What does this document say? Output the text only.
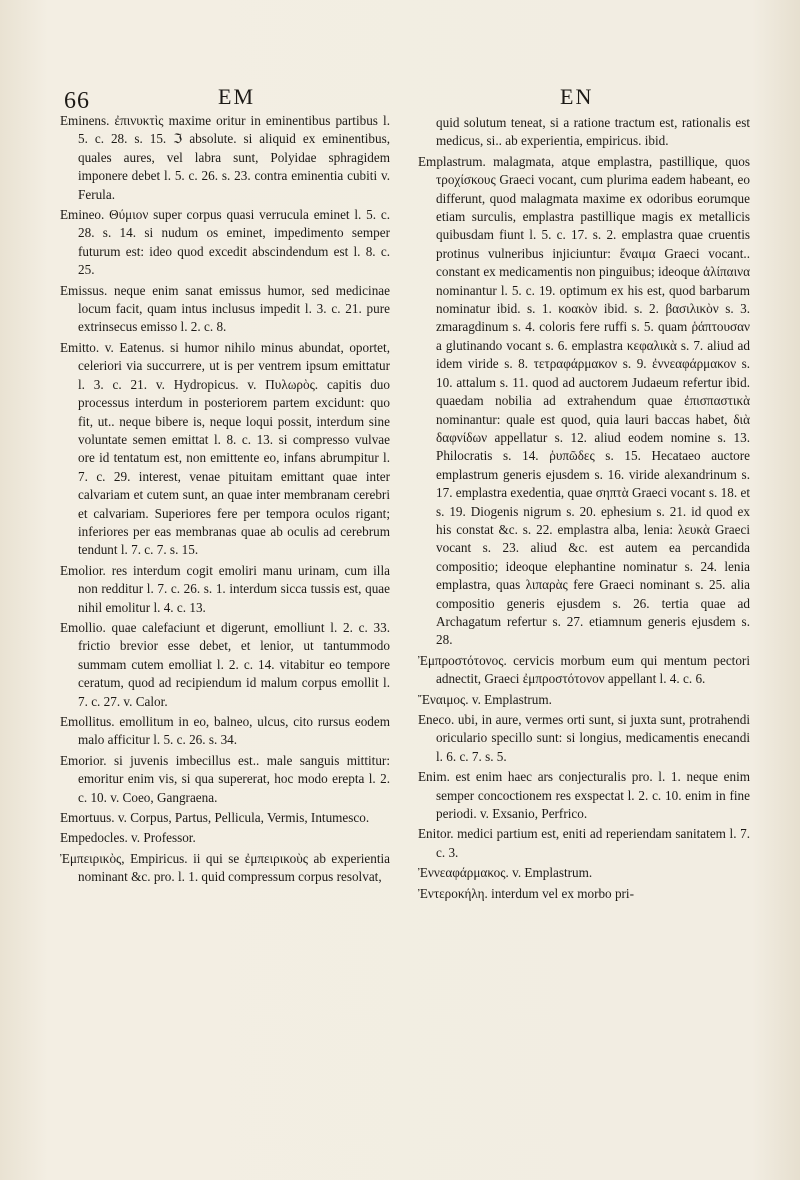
66	EM	EN

Eminens. ἐπινυκτὶς maxime oritur in eminentibus partibus l. 5. c. 28. s. 15. ℑ absolute. si aliquid ex eminentibus, quales aures, vel labra sunt, Polyidae sphragidem imponere debet l. 5. c. 26. s. 23. contra eminentia cubiti v. Ferula.

Emineo. Θύμιον super corpus quasi verrucula eminet l. 5. c. 28. s. 14. si nudum os eminet, impedimento semper futurum est: ideo quod excedit abscindendum est l. 8. c. 25.

Emissus. neque enim sanat emissus humor, sed medicinae locum facit, quam intus inclusus impedit l. 3. c. 21. pure extrinsecus emisso l. 2. c. 8.

Emitto. v. Eatenus. si humor nihilo minus abundat, oportet, celeriori via succurrere, ut is per ventrem ipsum emittatur l. 3. c. 21. v. Hydropicus. v. Πυλωρὸς. capitis duo processus interdum in posteriorem partem excidunt: quo fit, ut.. neque bibere is, neque loqui possit, interdum sine voluntate semen emittat l. 8. c. 13. si compresso vulvae ore id tentatum est, non emittente eo, infans abrumpitur l. 7. c. 29. interest, venae pituitam emittant quae inter calvariam et cutem sunt, an quae inter membranam cerebri et calvariam. Superiores fere per tempora oculos rigant; inferiores per eas membranas quae ab oculis ad cerebrum tendunt l. 7. c. 7. s. 15.

Emolior. res interdum cogit emoliri manu urinam, cum illa non redditur l. 7. c. 26. s. 1. interdum sicca tussis est, quae nihil emolitur l. 4. c. 13.

Emollio. quae calefaciunt et digerunt, emolliunt l. 2. c. 33. frictio brevior esse debet, et lenior, ut tantummodo summam cutem emolliat l. 2. c. 14. vitabitur eo tempore ceratum, quod ad recipiendum id malum corpus emollit l. 7. c. 27. v. Calor.

Emollitus. emollitum in eo, balneo, ulcus, cito rursus eodem malo afficitur l. 5. c. 26. s. 34.

Emorior. si juvenis imbecillus est.. male sanguis mittitur: emoritur enim vis, si qua supererat, hoc modo erepta l. 2. c. 10. v. Coeo, Gangraena.

Emortuus. v. Corpus, Partus, Pellicula, Vermis, Intumesco.

Empedocles. v. Professor.

Ἐμπειρικὸς, Empiricus. ii qui se ἐμπειρικοὺς ab experientia nominant &c. pro. l. 1. quid compressum corpus resolvat,

quid solutum teneat, si a ratione tractum est, rationalis est medicus, si.. ab experientia, empiricus. ibid.

Emplastrum. malagmata, atque emplastra, pastillique, quos τροχίσκους Graeci vocant, cum plurima eadem habeant, eo differunt, quod malagmata maxime ex odoribus eorumque etiam surculis, emplastra pastillique magis ex metallicis quibusdam fiunt l. 5. c. 17. s. 2. emplastra quae cruentis protinus vulneribus injiciuntur: ἔναιμα Graeci vocant.. constant ex medicamentis non pinguibus; ideoque ἀλίπαινα nominantur l. 5. c. 19. optimum ex his est, quod barbarum nominatur ibid. s. 1. κοακὸν ibid. s. 2. βασιλικὸν s. 3. zmaragdinum s. 4. coloris fere ruffi s. 5. quam ῥάπτουσαν a glutinando vocant s. 6. emplastra κεφαλικὰ s. 7. aliud ad idem viride s. 8. τετραφάρμακον s. 9. ἐννεαφάρμακον s. 10. attalum s. 11. quod ad auctorem Judaeum refertur ibid. quaedam nobilia ad extrahendum quae ἐπισπαστικὰ nominantur: quale est quod, quia lauri baccas habet, διὰ δαφνίδων appellatur s. 12. aliud eodem nomine s. 13. Philocratis s. 14. ῥυπῶδες s. 15. Hecataeo auctore emplastrum generis ejusdem s. 16. viride alexandrinum s. 17. emplastra exedentia, quae σηπτὰ Graeci vocant s. 18. et s. 19. Diogenis nigrum s. 20. ephesium s. 21. id quod ex his constat &c. s. 22. emplastra alba, lenia: λευκὰ Graeci vocant s. 23. aliud &c. est autem ea percandida compositio; ideoque elephantine nominatur s. 24. lenia emplastra, quas λιπαρὰς fere Graeci nominant s. 25. alia compositio generis ejusdem s. 26. tertia quae ad Archagatum refertur s. 27. etiamnum generis ejusdem s. 28.

Ἐμπροστότονος. cervicis morbum eum qui mentum pectori adnectit, Graeci ἐμπροστότονον appellant l. 4. c. 6.

Ἔναιμος. v. Emplastrum.

Eneco. ubi, in aure, vermes orti sunt, si juxta sunt, protrahendi oriculario specillo sunt: si longius, medicamentis enecandi l. 6. c. 7. s. 5.

Enim. est enim haec ars conjecturalis pro. l. 1. neque enim semper concoctionem res exspectat l. 2. c. 10. enim in fine periodi. v. Exsanio, Perfrico.

Enitor. medici partium est, eniti ad reperiendam sanitatem l. 7. c. 3.

Ἐννεαφάρμακος. v. Emplastrum.

Ἐντεροκήλη. interdum vel ex morbo pri-
